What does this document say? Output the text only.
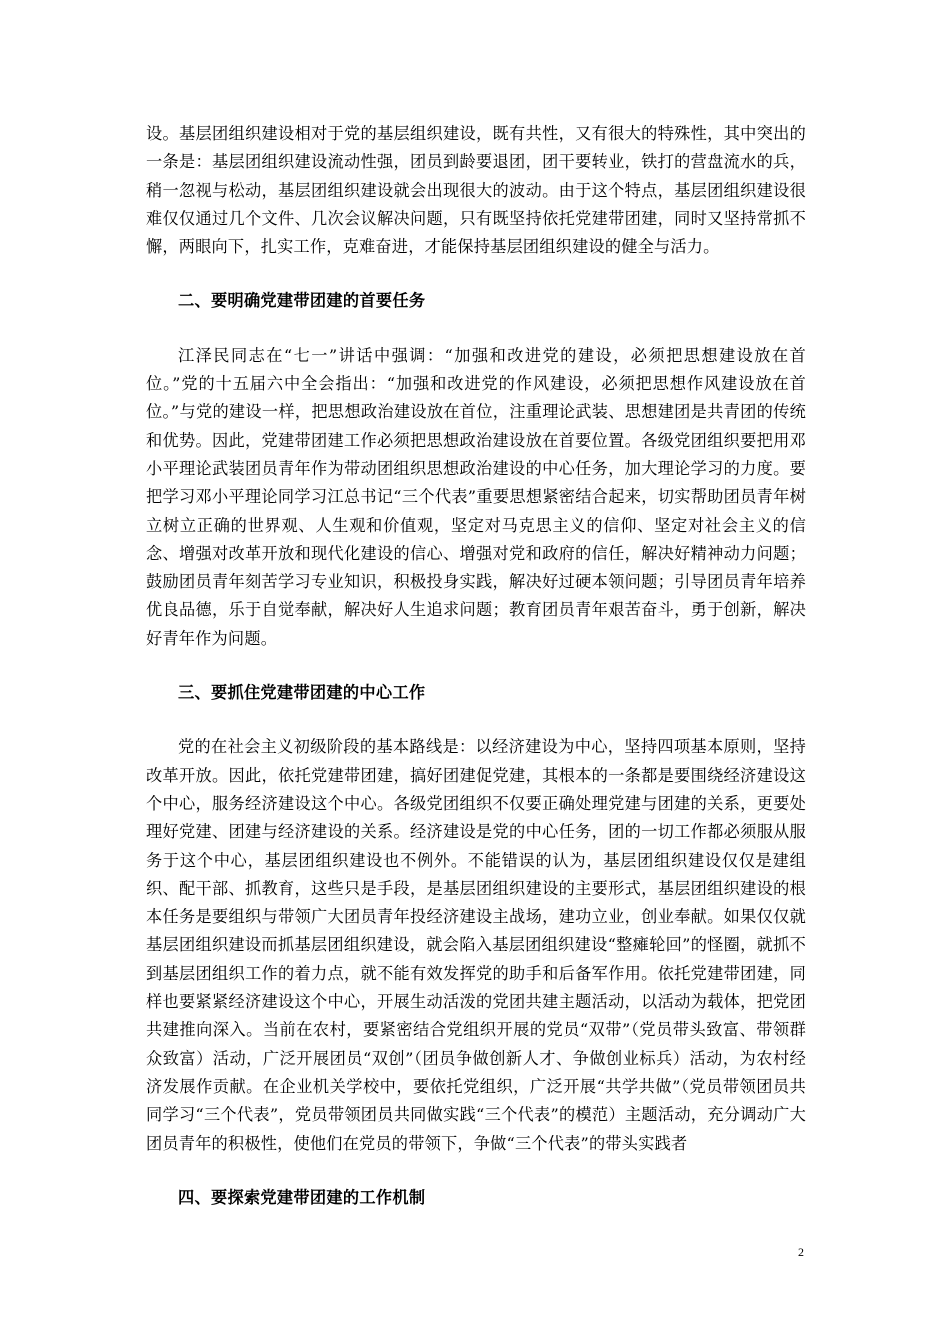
设。基层团组织建设相对于党的基层组织建设，既有共性，又有很大的特殊性，其中突出的一条是：基层团组织建设流动性强，团员到龄要退团，团干要转业，铁打的营盘流水的兵，稍一忽视与松动，基层团组织建设就会出现很大的波动。由于这个特点，基层团组织建设很难仅仅通过几个文件、几次会议解决问题，只有既坚持依托党建带团建，同时又坚持常抓不懈，两眼向下，扎实工作，克难奋进，才能保持基层团组织建设的健全与活力。

二、要明确党建带团建的首要任务

江泽民同志在“七一”讲话中强调：“加强和改进党的建设，必须把思想建设放在首位。”党的十五届六中全会指出：“加强和改进党的作风建设，必须把思想作风建设放在首位。”与党的建设一样，把思想政治建设放在首位，注重理论武装、思想建团是共青团的传统和优势。因此，党建带团建工作必须把思想政治建设放在首要位置。各级党团组织要把用邓小平理论武装团员青年作为带动团组织思想政治建设的中心任务，加大理论学习的力度。要把学习邓小平理论同学习江总书记“三个代表”重要思想紧密结合起来，切实帮助团员青年树立树立正确的世界观、人生观和价值观，坚定对马克思主义的信仰、坚定对社会主义的信念、增强对改革开放和现代化建设的信心、增强对党和政府的信任，解决好精神动力问题；鼓励团员青年刻苦学习专业知识，积极投身实践，解决好过硬本领问题；引导团员青年培养优良品德，乐于自觉奉献，解决好人生追求问题；教育团员青年艰苦奋斗，勇于创新，解决好青年作为问题。

三、要抓住党建带团建的中心工作

党的在社会主义初级阶段的基本路线是：以经济建设为中心，坚持四项基本原则，坚持改革开放。因此，依托党建带团建，搞好团建促党建，其根本的一条都是要围绕经济建设这个中心，服务经济建设这个中心。各级党团组织不仅要正确处理党建与团建的关系，更要处理好党建、团建与经济建设的关系。经济建设是党的中心任务，团的一切工作都必须服从服务于这个中心，基层团组织建设也不例外。不能错误的认为，基层团组织建设仅仅是建组织、配干部、抓教育，这些只是手段，是基层团组织建设的主要形式，基层团组织建设的根本任务是要组织与带领广大团员青年投经济建设主战场，建功立业，创业奉献。如果仅仅就基层团组织建设而抓基层团组织建设，就会陷入基层团组织建设“整瘫轮回”的怪圈，就抓不到基层团组织工作的着力点，就不能有效发挥党的助手和后备军作用。依托党建带团建，同样也要紧紧经济建设这个中心，开展生动活泼的党团共建主题活动，以活动为载体，把党团共建推向深入。当前在农村，要紧密结合党组织开展的党员“双带”（党员带头致富、带领群众致富）活动，广泛开展团员“双创”（团员争做创新人才、争做创业标兵）活动，为农村经济发展作贡献。在企业机关学校中，要依托党组织，广泛开展“共学共做”（党员带领团员共同学习“三个代表”，党员带领团员共同做实践“三个代表”的模范）主题活动，充分调动广大团员青年的积极性，使他们在党员的带领下，争做“三个代表”的带头实践者

四、要探索党建带团建的工作机制

2
